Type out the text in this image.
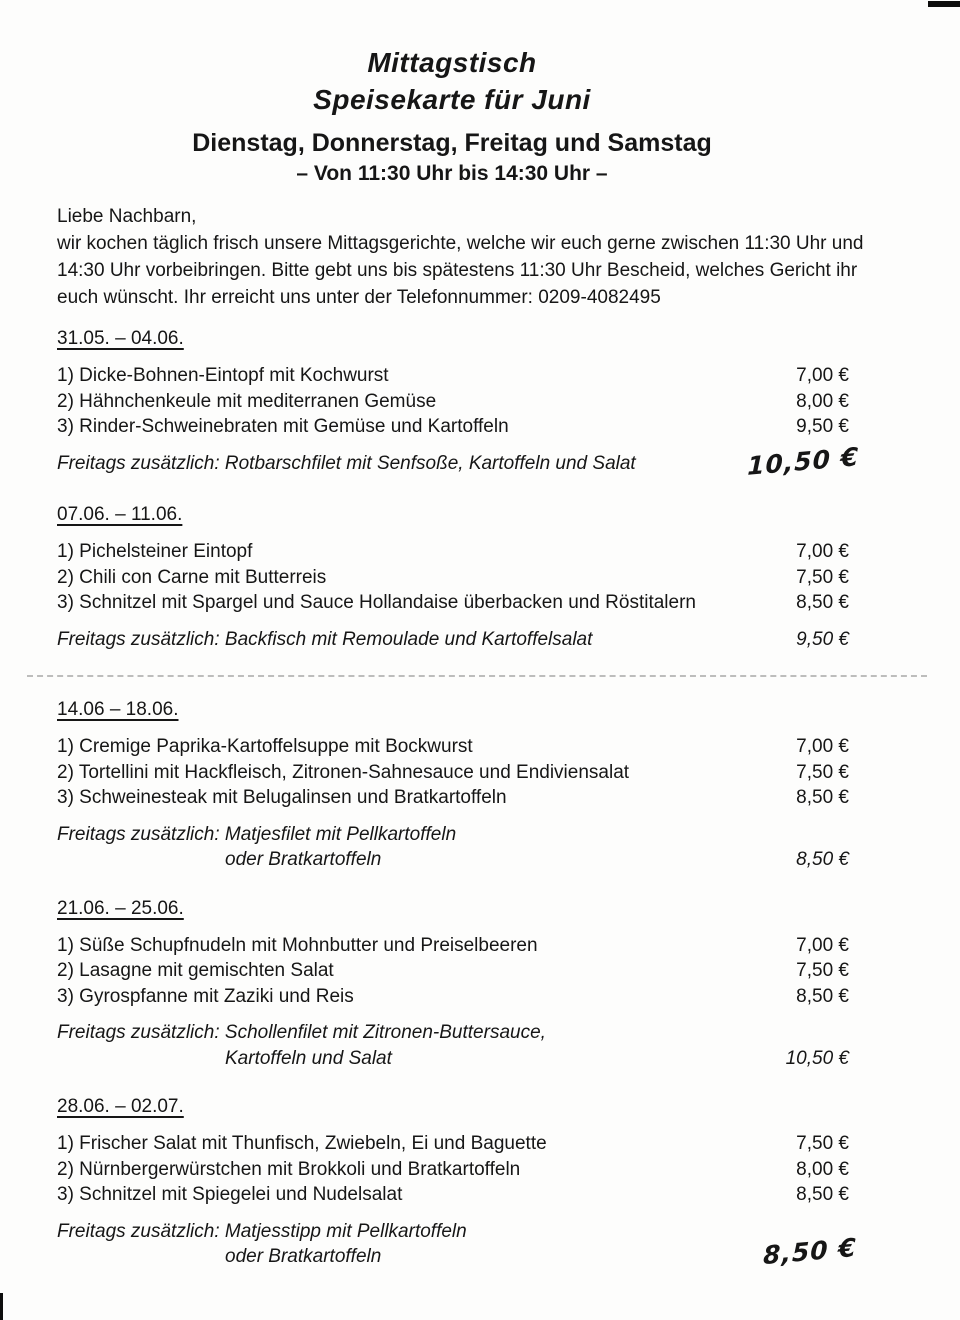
Mittagstisch
Speisekarte für Juni
Dienstag, Donnerstag, Freitag und Samstag
– Von 11:30 Uhr bis 14:30 Uhr –
Liebe Nachbarn,
wir kochen täglich frisch unsere Mittagsgerichte, welche wir euch gerne zwischen 11:30 Uhr und
14:30 Uhr vorbeibringen. Bitte gebt uns bis spätestens 11:30 Uhr Bescheid, welches Gericht ihr
euch wünscht. Ihr erreicht uns unter der Telefonnummer: 0209-4082495
31.05. – 04.06.
1) Dicke-Bohnen-Eintopf mit Kochwurst	7,00 €
2) Hähnchenkeule mit mediterranen Gemüse	8,00 €
3) Rinder-Schweinebraten mit Gemüse und Kartoffeln	9,50 €
Freitags zusätzlich: Rotbarschfilet mit Senfsoße, Kartoffeln und Salat	10,50 €
07.06. – 11.06.
1) Pichelsteiner Eintopf	7,00 €
2) Chili con Carne mit Butterreis	7,50 €
3) Schnitzel mit Spargel und Sauce Hollandaise überbacken und Röstitalern	8,50 €
Freitags zusätzlich: Backfisch mit Remoulade und Kartoffelsalat	9,50 €
14.06 – 18.06.
1) Cremige Paprika-Kartoffelsuppe mit Bockwurst	7,00 €
2) Tortellini mit Hackfleisch, Zitronen-Sahnesauce und Endiviensalat	7,50 €
3) Schweinesteak mit Belugalinsen und Bratkartoffeln	8,50 €
Freitags zusätzlich: Matjesfilet mit Pellkartoffeln
oder Bratkartoffeln	8,50 €
21.06. – 25.06.
1) Süße Schupfnudeln mit Mohnbutter und Preiselbeeren	7,00 €
2) Lasagne mit gemischten Salat	7,50 €
3) Gyrospfanne mit Zaziki und Reis	8,50 €
Freitags zusätzlich: Schollenfilet mit Zitronen-Buttersauce,
Kartoffeln und Salat	10,50 €
28.06. – 02.07.
1) Frischer Salat mit Thunfisch, Zwiebeln, Ei und Baguette	7,50 €
2) Nürnbergerwürstchen mit Brokkoli und Bratkartoffeln	8,00 €
3) Schnitzel mit Spiegelei und Nudelsalat	8,50 €
Freitags zusätzlich: Matjesstipp mit Pellkartoffeln
oder Bratkartoffeln	8,50 €
